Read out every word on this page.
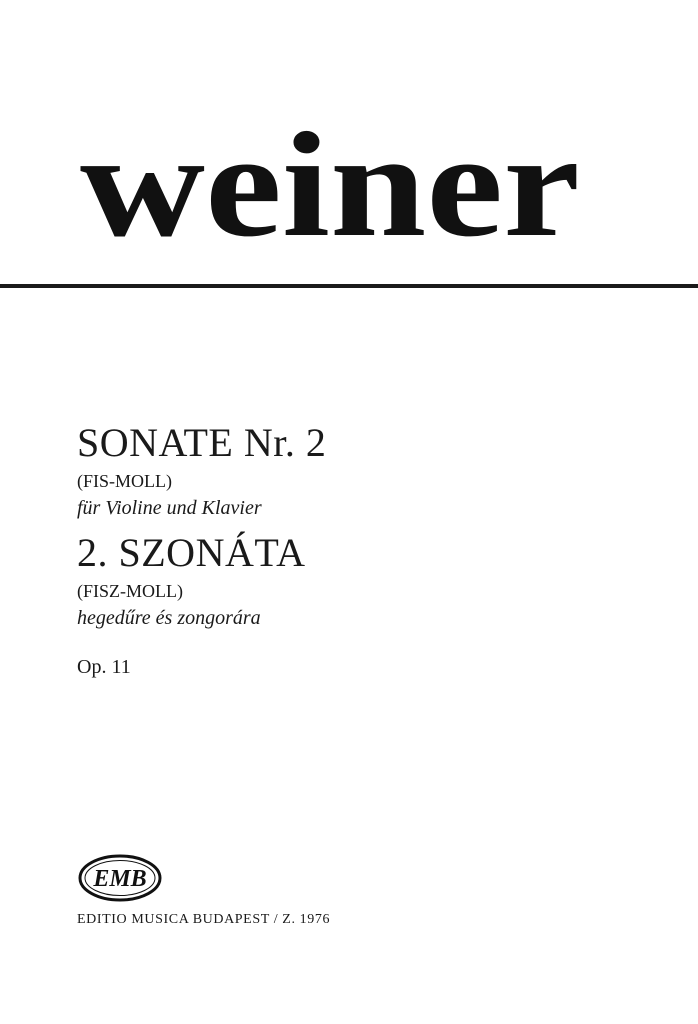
weiner
SONATE Nr. 2
(FIS-MOLL)
für Violine und Klavier
2. SZONÁTA
(FISZ-MOLL)
hegedűre és zongorára
Op. 11
EMB
EDITIO MUSICA BUDAPEST / Z. 1976
